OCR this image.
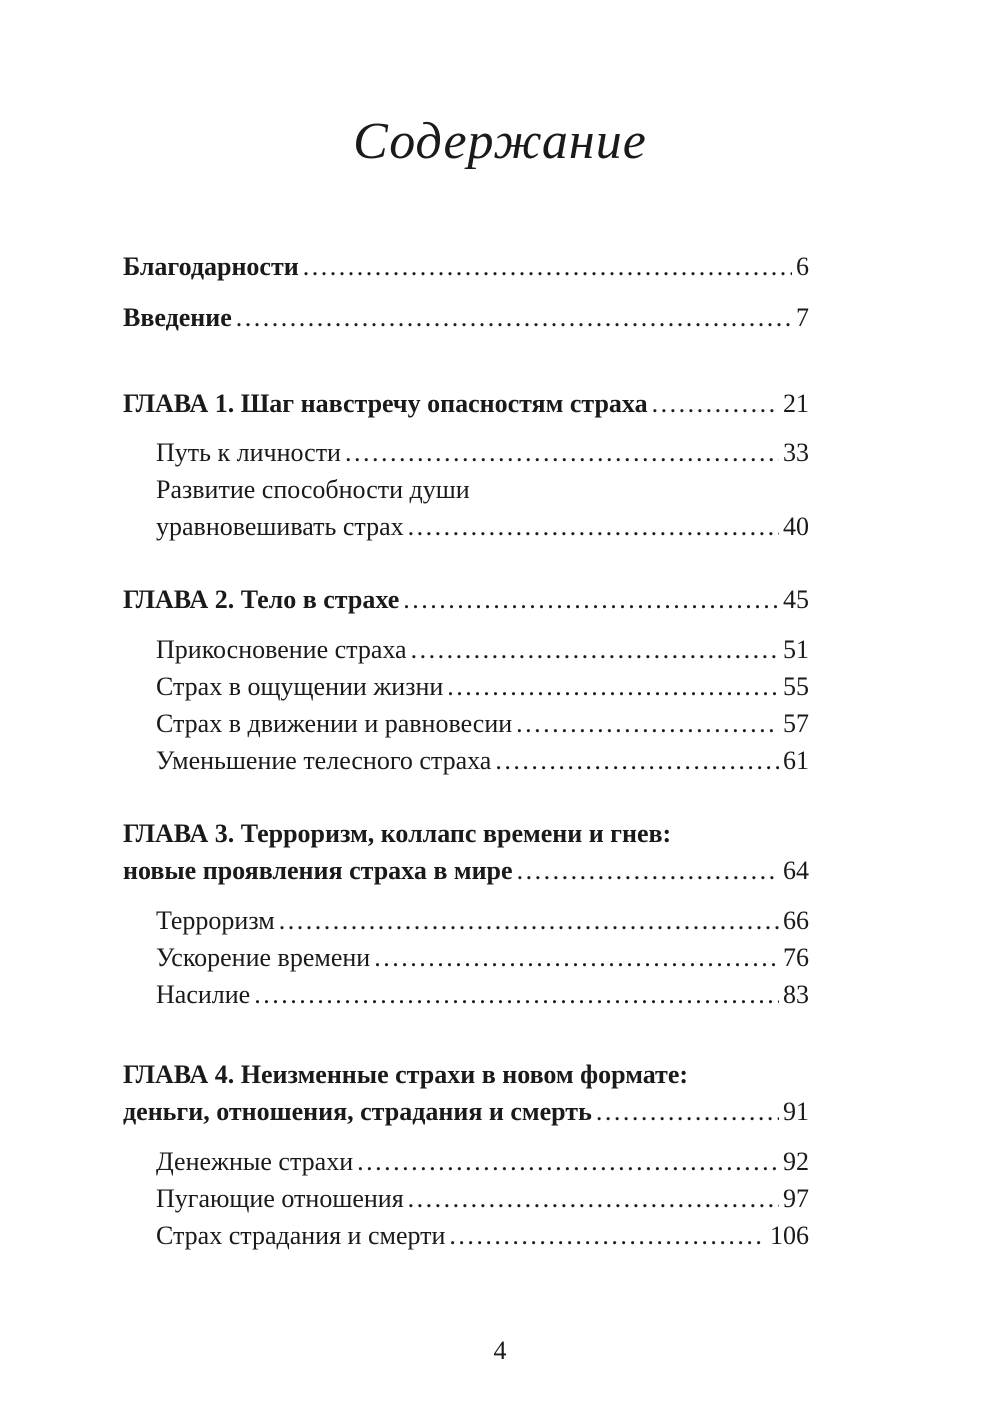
Содержание
Благодарности . . .	6
Введение . . .	7
ГЛАВА 1. Шаг навстречу опасностям страха . . .	21
Путь к личности . . .	33
Развитие способности души
уравновешивать страх . . .	40
ГЛАВА 2. Тело в страхе . . .	45
Прикосновение страха . . .	51
Страх в ощущении жизни . . .	55
Страх в движении и равновесии . . .	57
Уменьшение телесного страха . . .	61
ГЛАВА 3. Терроризм, коллапс времени и гнев:
новые проявления страха в мире . . .	64
Терроризм . . .	66
Ускорение времени . . .	76
Насилие . . .	83
ГЛАВА 4. Неизменные страхи в новом формате:
деньги, отношения, страдания и смерть . . .	91
Денежные страхи . . .	92
Пугающие отношения . . .	97
Страх страдания и смерти . . .	106
4
